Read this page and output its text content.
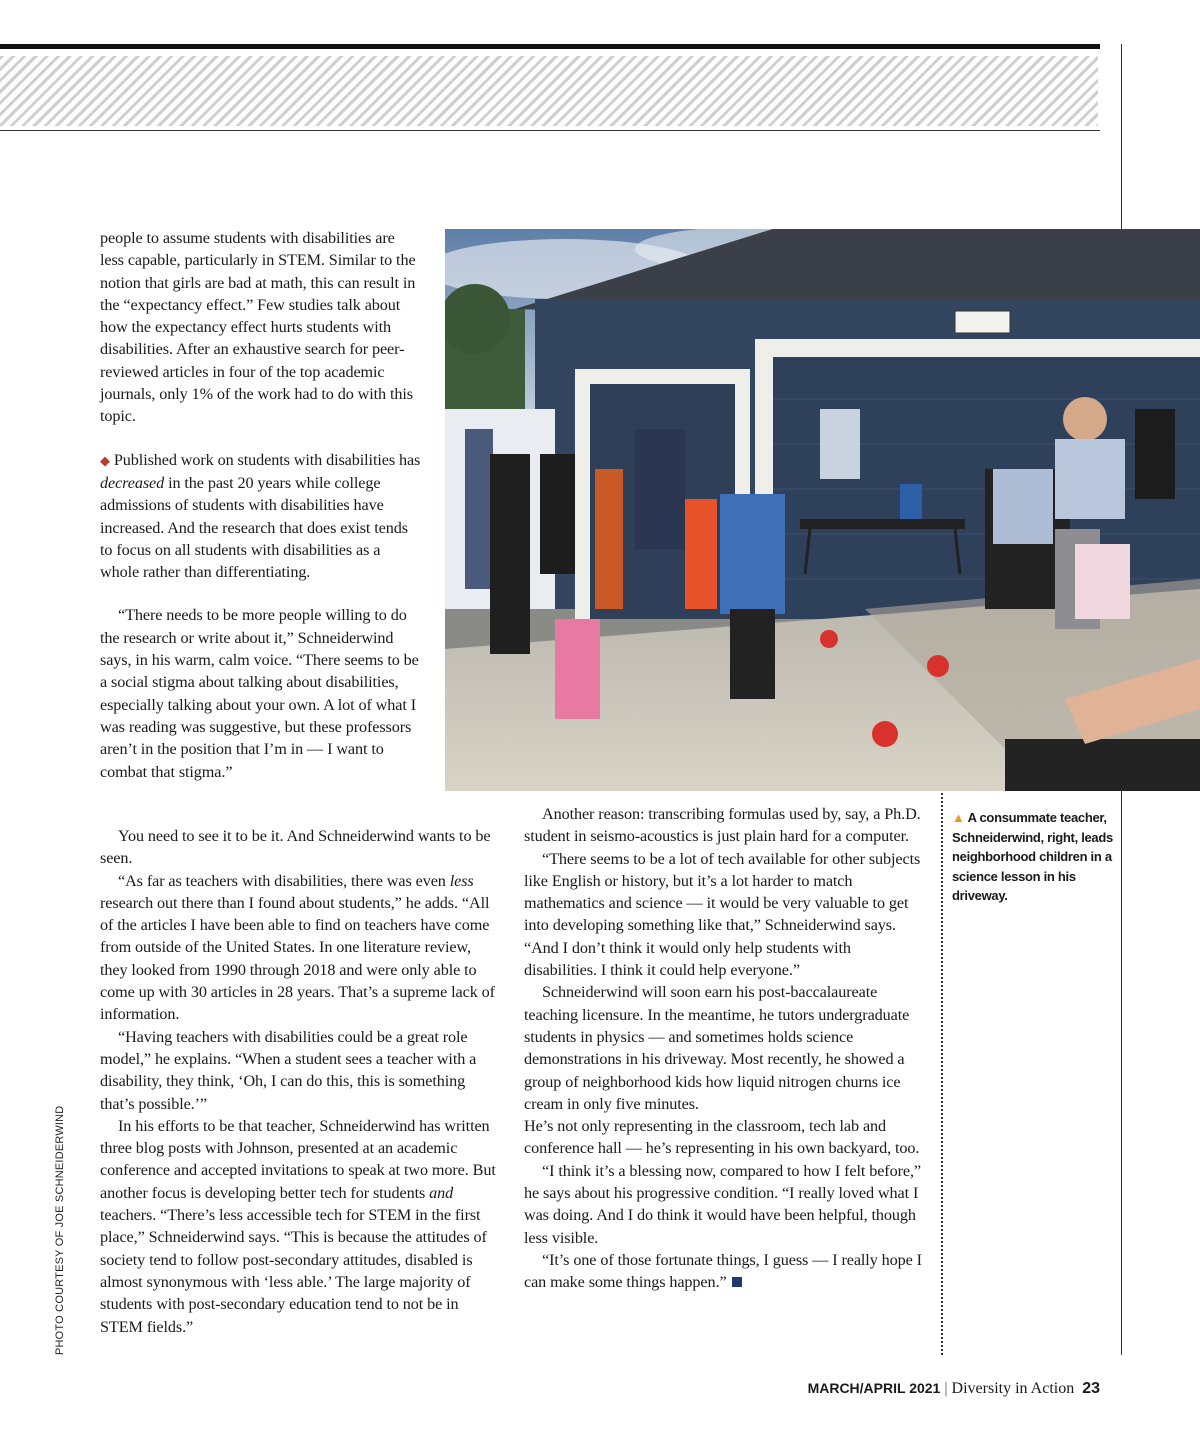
people to assume students with disabilities are less capable, particularly in STEM. Similar to the notion that girls are bad at math, this can result in the “expectancy effect.” Few studies talk about how the expectancy effect hurts students with disabilities. After an exhaustive search for peer-reviewed articles in four of the top academic journals, only 1% of the work had to do with this topic.

◆ Published work on students with disabilities has decreased in the past 20 years while college admissions of students with disabilities have increased. And the research that does exist tends to focus on all students with disabilities as a whole rather than differentiating.

“There needs to be more people willing to do the research or write about it,” Schneiderwind says, in his warm, calm voice. “There seems to be a social stigma about talking about disabilities, especially talking about your own. A lot of what I was reading was suggestive, but these professors aren’t in the position that I’m in — I want to combat that stigma.”

You need to see it to be it. And Schneiderwind wants to be seen.

“As far as teachers with disabilities, there was even less research out there than I found about students,” he adds. “All of the articles I have been able to find on teachers have come from outside of the United States. In one literature review, they looked from 1990 through 2018 and were only able to come up with 30 articles in 28 years. That’s a supreme lack of information.

“Having teachers with disabilities could be a great role model,” he explains. “When a student sees a teacher with a disability, they think, ‘Oh, I can do this, this is something that’s possible.’”

In his efforts to be that teacher, Schneiderwind has written three blog posts with Johnson, presented at an academic conference and accepted invitations to speak at two more. But another focus is developing better tech for students and teachers. “There’s less accessible tech for STEM in the first place,” Schneiderwind says. “This is because the attitudes of society tend to follow post-secondary attitudes, disabled is almost synonymous with ‘less able.’ The large majority of students with post-secondary education tend to not be in STEM fields.”

Another reason: transcribing formulas used by, say, a Ph.D. student in seismo-acoustics is just plain hard for a computer.

“There seems to be a lot of tech available for other subjects like English or history, but it’s a lot harder to match mathematics and science — it would be very valuable to get into developing something like that,” Schneiderwind says. “And I don’t think it would only help students with disabilities. I think it could help everyone.”

Schneiderwind will soon earn his post-baccalaureate teaching licensure. In the meantime, he tutors undergraduate students in physics — and sometimes holds science demonstrations in his driveway. Most recently, he showed a group of neighborhood kids how liquid nitrogen churns ice cream in only five minutes.

He’s not only representing in the classroom, tech lab and conference hall — he’s representing in his own backyard, too.

“I think it’s a blessing now, compared to how I felt before,” he says about his progressive condition. “I really loved what I was doing. And I do think it would have been helpful, though less visible.

“It’s one of those fortunate things, I guess — I really hope I can make some things happen.”

▲ A consummate teacher, Schneiderwind, right, leads neighborhood children in a science lesson in his driveway.
PHOTO COURTESY OF JOE SCHNEIDERWIND
MARCH/APRIL 2021 | Diversity in Action 23
